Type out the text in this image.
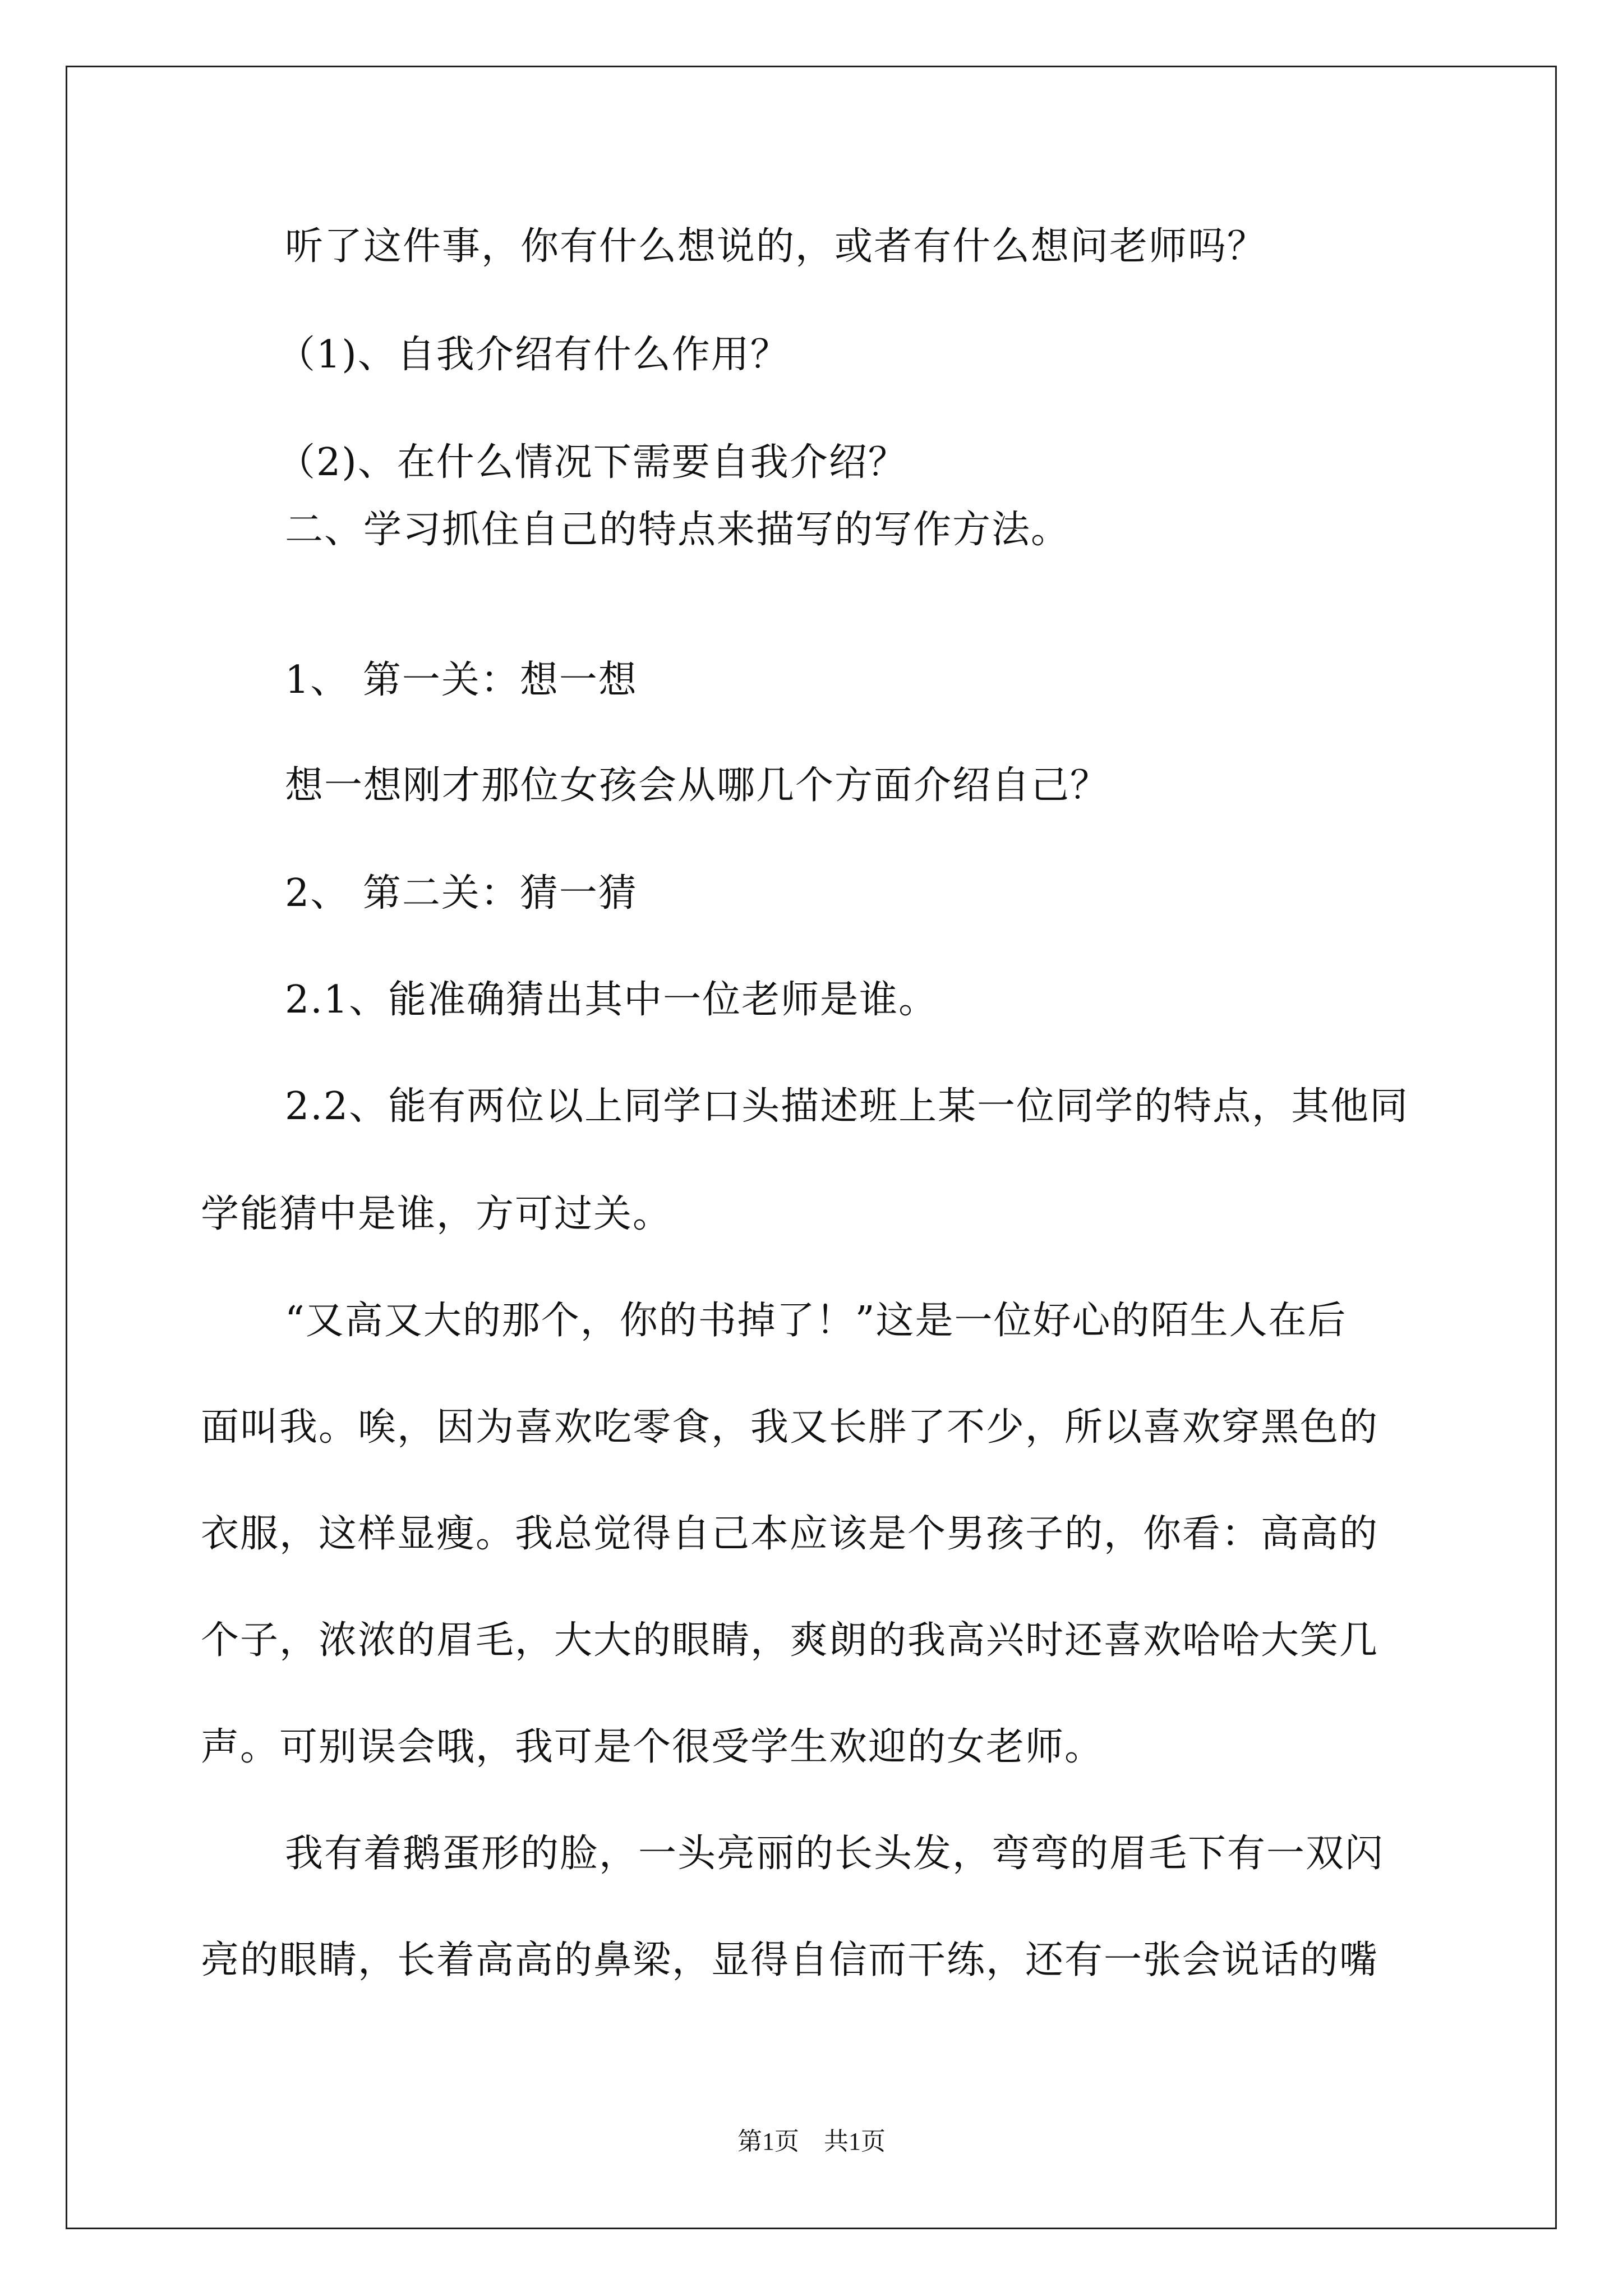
听了这件事，你有什么想说的，或者有什么想问老师吗？
（1)、自我介绍有什么作用？
（2)、在什么情况下需要自我介绍？
二、学习抓住自己的特点来描写的写作方法。
1、 第一关：想一想
想一想刚才那位女孩会从哪几个方面介绍自己？
2、 第二关：猜一猜
2.1、能准确猜出其中一位老师是谁。
2.2、能有两位以上同学口头描述班上某一位同学的特点，其他同
学能猜中是谁，方可过关。
“又高又大的那个，你的书掉了！”这是一位好心的陌生人在后
面叫我。唉，因为喜欢吃零食，我又长胖了不少，所以喜欢穿黑色的
衣服，这样显瘦。我总觉得自己本应该是个男孩子的，你看：高高的
个子，浓浓的眉毛，大大的眼睛，爽朗的我高兴时还喜欢哈哈大笑几
声。可别误会哦，我可是个很受学生欢迎的女老师。
我有着鹅蛋形的脸，一头亮丽的长头发，弯弯的眉毛下有一双闪
亮的眼睛，长着高高的鼻梁，显得自信而干练，还有一张会说话的嘴
第1页　共1页
